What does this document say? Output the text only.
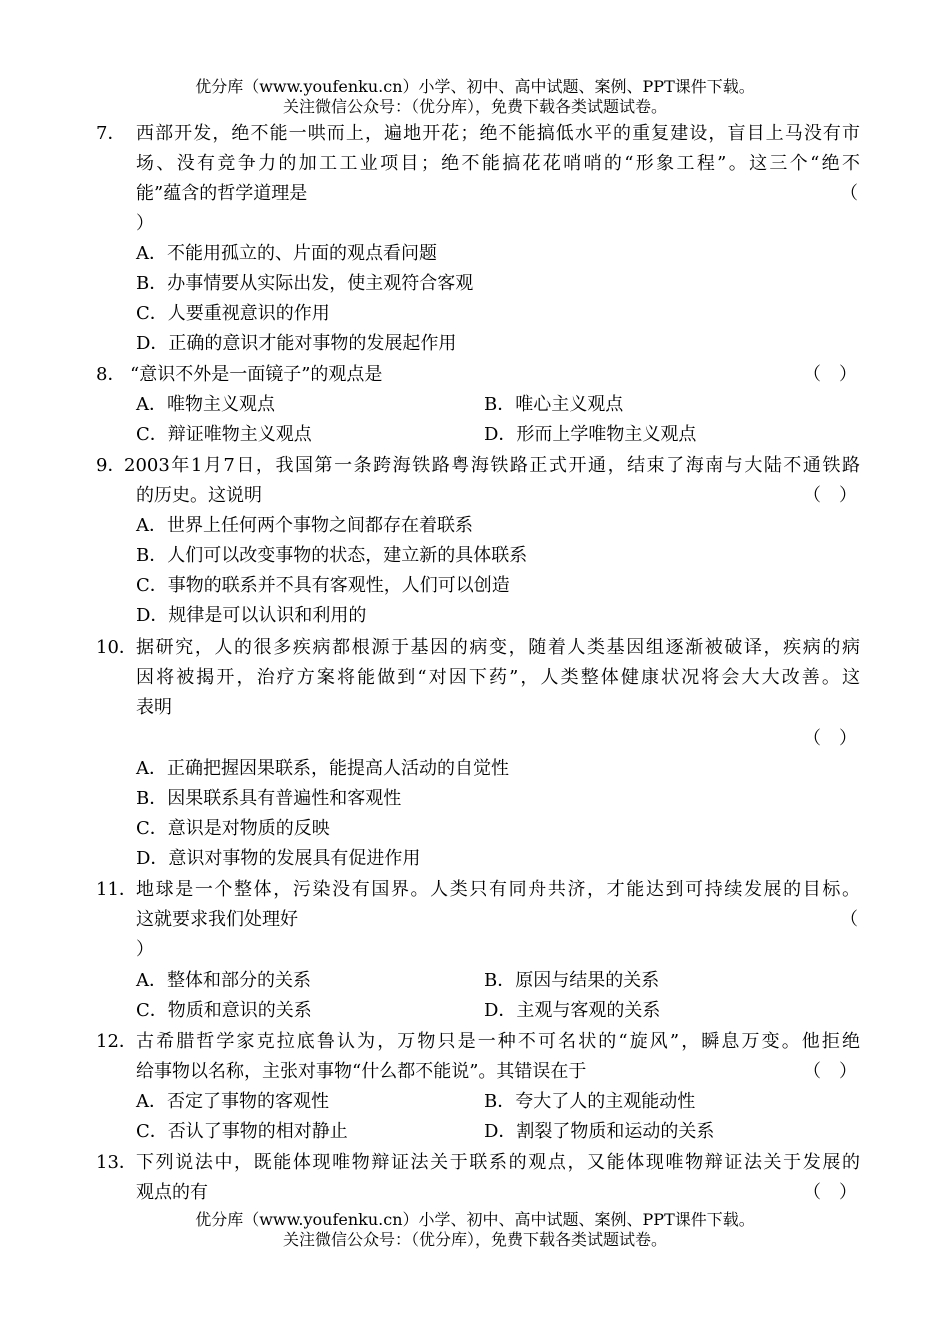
优分库（www.youfenku.cn）小学、初中、高中试题、案例、PPT课件下载。
关注微信公众号：（优分库），免费下载各类试题试卷。
7． 西部开发，绝不能一哄而上，遍地开花；绝不能搞低水平的重复建设，盲目上马没有市
场、没有竞争力的加工工业项目；绝不能搞花花哨哨的“形象工程”。这三个“绝不
能”蕴含的哲学道理是	（
）
A．不能用孤立的、片面的观点看问题
B．办事情要从实际出发，使主观符合客观
C．人要重视意识的作用
D．正确的意识才能对事物的发展起作用
8． “意识不外是一面镜子”的观点是	（　）
A．唯物主义观点	B．唯心主义观点
C．辩证唯物主义观点	D．形而上学唯物主义观点
9．
2003年1月7日，我国第一条跨海铁路粤海铁路正式开通，结束了海南与大陆不通铁路
的历史。这说明	（　）
A．世界上任何两个事物之间都存在着联系
B．人们可以改变事物的状态，建立新的具体联系
C．事物的联系并不具有客观性，人们可以创造
D．规律是可以认识和利用的
10． 据研究，人的很多疾病都根源于基因的病变，随着人类基因组逐渐被破译，疾病的病
因将被揭开，治疗方案将能做到“对因下药”，人类整体健康状况将会大大改善。这
表明
（　）
A．正确把握因果联系，能提高人活动的自觉性
B．因果联系具有普遍性和客观性
C．意识是对物质的反映
D．意识对事物的发展具有促进作用
11． 地球是一个整体，污染没有国界。人类只有同舟共济，才能达到可持续发展的目标。
这就要求我们处理好	（
）
A．整体和部分的关系	B．原因与结果的关系
C．物质和意识的关系	D．主观与客观的关系
12． 古希腊哲学家克拉底鲁认为，万物只是一种不可名状的“旋风”，瞬息万变。他拒绝
给事物以名称，主张对事物“什么都不能说”。其错误在于	（　）
A．否定了事物的客观性	B．夸大了人的主观能动性
C．否认了事物的相对静止	D．割裂了物质和运动的关系
13． 下列说法中，既能体现唯物辩证法关于联系的观点，又能体现唯物辩证法关于发展的
观点的有	（　）
优分库（www.youfenku.cn）小学、初中、高中试题、案例、PPT课件下载。
关注微信公众号：（优分库），免费下载各类试题试卷。
